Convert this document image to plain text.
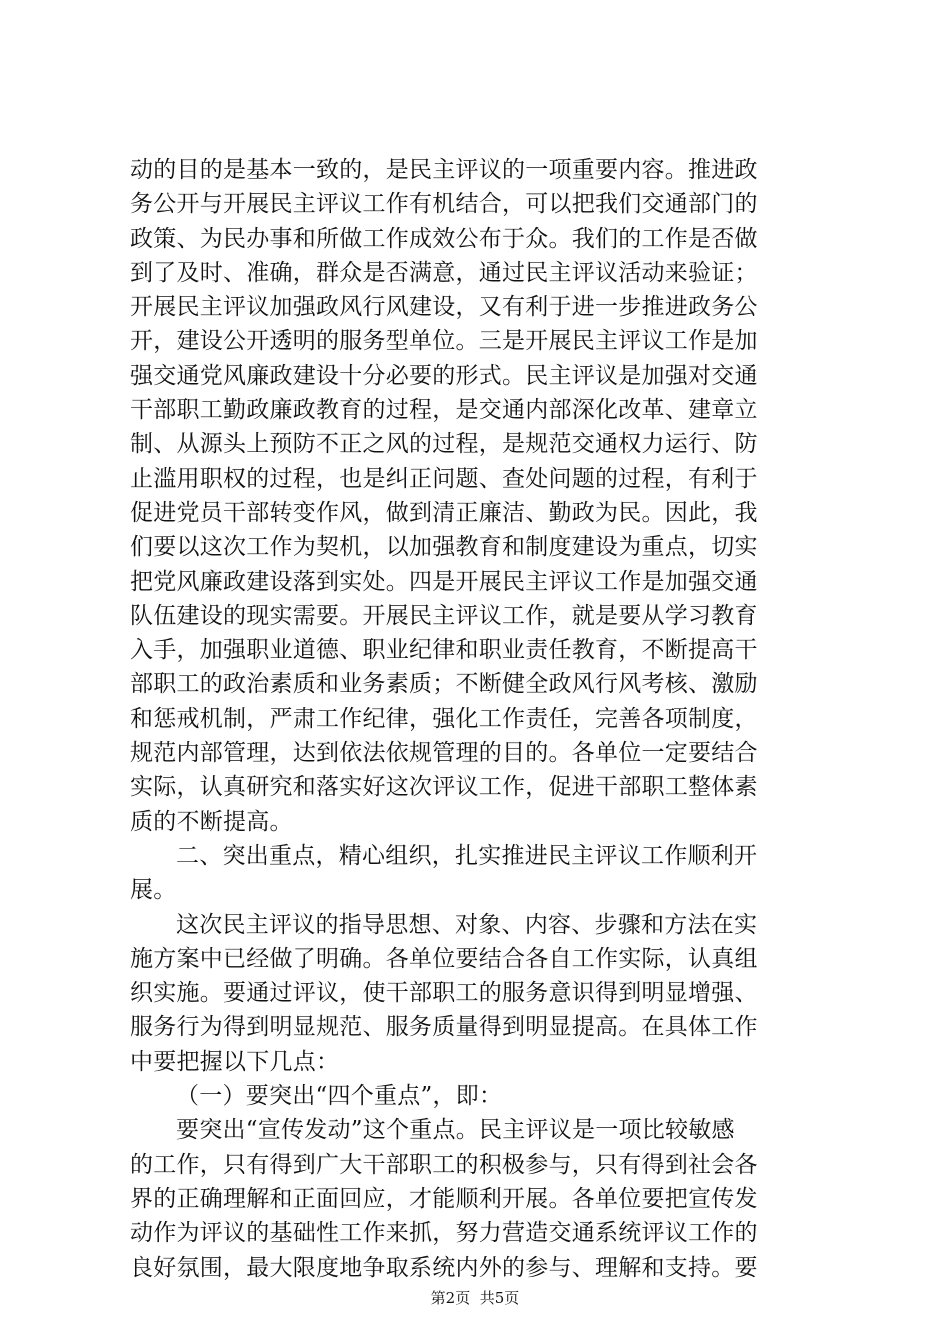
动的目的是基本一致的，是民主评议的一项重要内容。推进政
务公开与开展民主评议工作有机结合，可以把我们交通部门的
政策、为民办事和所做工作成效公布于众。我们的工作是否做
到了及时、准确，群众是否满意，通过民主评议活动来验证；
开展民主评议加强政风行风建设，又有利于进一步推进政务公
开，建设公开透明的服务型单位。三是开展民主评议工作是加
强交通党风廉政建设十分必要的形式。民主评议是加强对交通
干部职工勤政廉政教育的过程，是交通内部深化改革、建章立
制、从源头上预防不正之风的过程，是规范交通权力运行、防
止滥用职权的过程，也是纠正问题、查处问题的过程，有利于
促进党员干部转变作风，做到清正廉洁、勤政为民。因此，我
们要以这次工作为契机，以加强教育和制度建设为重点，切实
把党风廉政建设落到实处。四是开展民主评议工作是加强交通
队伍建设的现实需要。开展民主评议工作，就是要从学习教育
入手，加强职业道德、职业纪律和职业责任教育，不断提高干
部职工的政治素质和业务素质；不断健全政风行风考核、激励
和惩戒机制，严肃工作纪律，强化工作责任，完善各项制度，
规范内部管理，达到依法依规管理的目的。各单位一定要结合
实际，认真研究和落实好这次评议工作，促进干部职工整体素
质的不断提高。
二、突出重点，精心组织，扎实推进民主评议工作顺利开
展。
这次民主评议的指导思想、对象、内容、步骤和方法在实
施方案中已经做了明确。各单位要结合各自工作实际，认真组
织实施。要通过评议，使干部职工的服务意识得到明显增强、
服务行为得到明显规范、服务质量得到明显提高。在具体工作
中要把握以下几点：
（一）要突出“四个重点”，即：
要突出“宣传发动”这个重点。民主评议是一项比较敏感
的工作，只有得到广大干部职工的积极参与，只有得到社会各
界的正确理解和正面回应，才能顺利开展。各单位要把宣传发
动作为评议的基础性工作来抓，努力营造交通系统评议工作的
良好氛围，最大限度地争取系统内外的参与、理解和支持。要
第2页 共5页
